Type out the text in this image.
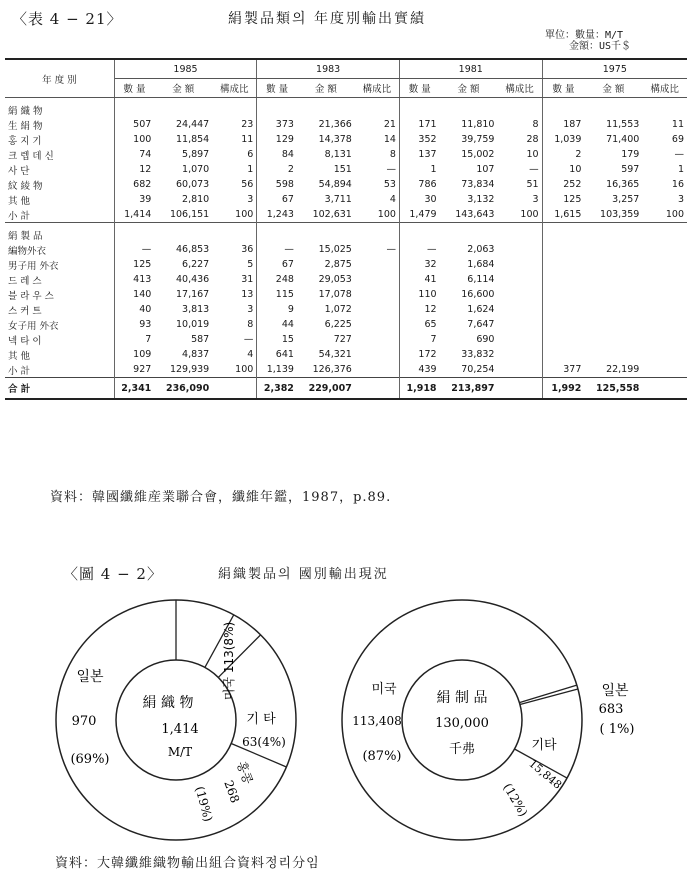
〈表 4 − 21〉	絹製品類의 年度別輸出實績
單位：數量：M/T
金額：US千＄
年 度 別	1985			1983			1981			1975		
	數 量	金 額	構成比	數 量	金 額	構成比	數 量	金 額	構成比	數 量	金 額	構成比
絹 織 物												
生 絹 物	507	24,447	23	373	21,366	21	171	11,810	8	187	11,553	11
홍 지 기	100	11,854	11	129	14,378	14	352	39,759	28	1,039	71,400	69
크 렙 데 신	74	5,897	6	84	8,131	8	137	15,002	10	2	179	—
사 단	12	1,070	1	2	151	—	1	107	—	10	597	1
紋 綾 物	682	60,073	56	598	54,894	53	786	73,834	51	252	16,365	16
其 他	39	2,810	3	67	3,711	4	30	3,132	3	125	3,257	3
小 計	1,414	106,151	100	1,243	102,631	100	1,479	143,643	100	1,615	103,359	100
絹 製 品												
編物外衣	—	46,853	36	—	15,025	—	—	2,063				
男子用 外衣	125	6,227	5	67	2,875		32	1,684				
드 레 스	413	40,436	31	248	29,053		41	6,114				
블 라 우 스	140	17,167	13	115	17,078		110	16,600				
스 커 트	40	3,813	3	9	1,072		12	1,624				
女子用 外衣	93	10,019	8	44	6,225		65	7,647				
넥 타 이	7	587	—	15	727		7	690				
其 他	109	4,837	4	641	54,321		172	33,832				
小 計	927	129,939	100	1,139	126,376		439	70,254		377	22,199	
合 計	2,341	236,090		2,382	229,007		1,918	213,897		1,992	125,558	
資料：韓國纖維産業聯合會，纖維年鑑，1987，p.89.
〈圖 4 − 2〉	絹織製品의 國別輸出現況
絹 織 物
1,414
M/T
일본
970
(69%)
미국 113(8%)
기 타
63(4%)
홍콩
268
(19%)
絹 制 品
130,000
千弗
미국
113,408
(87%)
일본
683
( 1%)
기타
15,848
(12%)
資料：大韓纖維織物輸出組合資料정리分임
